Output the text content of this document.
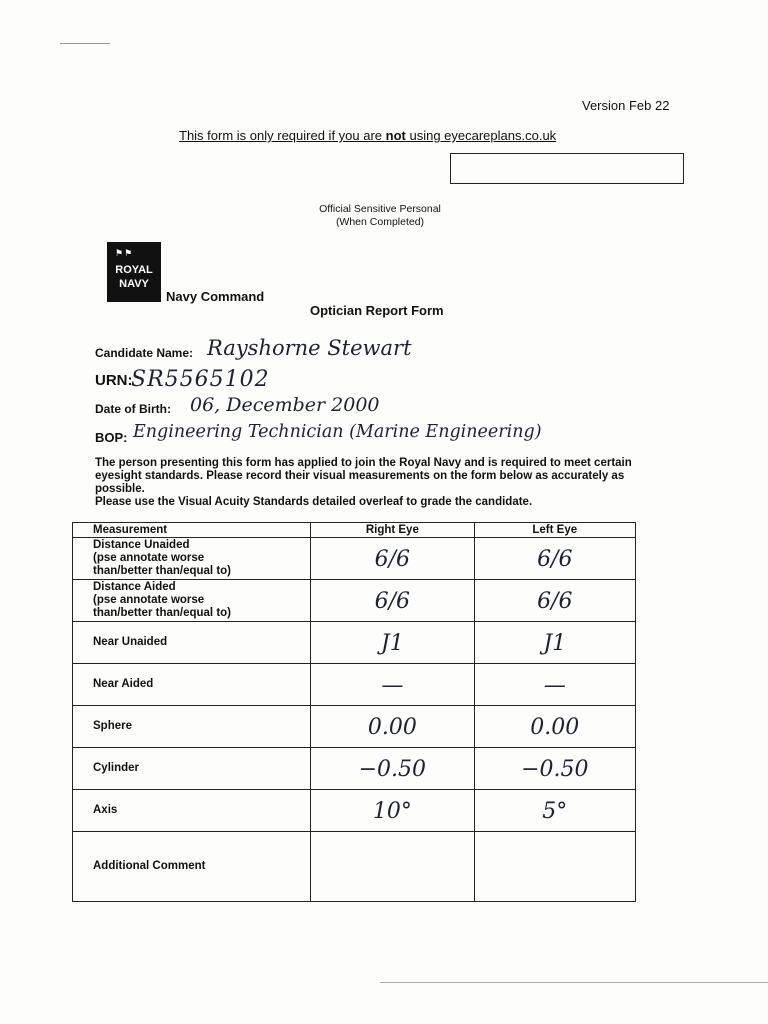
Version Feb 22
This form is only required if you are not using eyecareplans.co.uk
Official Sensitive Personal
(When Completed)
⚑⚑
ROYAL
NAVY
Navy Command
Optician Report Form
Candidate Name: Rayshorne Stewart
URN:
SR5565102
Date of Birth: 06, December 2000
BOP: Engineering Technician (Marine Engineering)
The person presenting this form has applied to join the Royal Navy and is required to meet certain eyesight standards. Please record their visual measurements on the form below as accurately as possible.
Please use the Visual Acuity Standards detailed overleaf to grade the candidate.
Measurement	Right Eye	Left Eye

Distance Unaided
(pse annotate worse
than/better than/equal to)	6/6	6/6

Distance Aided
(pse annotate worse
than/better than/equal to)	6/6	6/6
Near Unaided	J1	J1
Near Aided	—	—
Sphere	0.00	0.00
Cylinder	−0.50	−0.50
Axis	10°	5°
Additional Comment		
